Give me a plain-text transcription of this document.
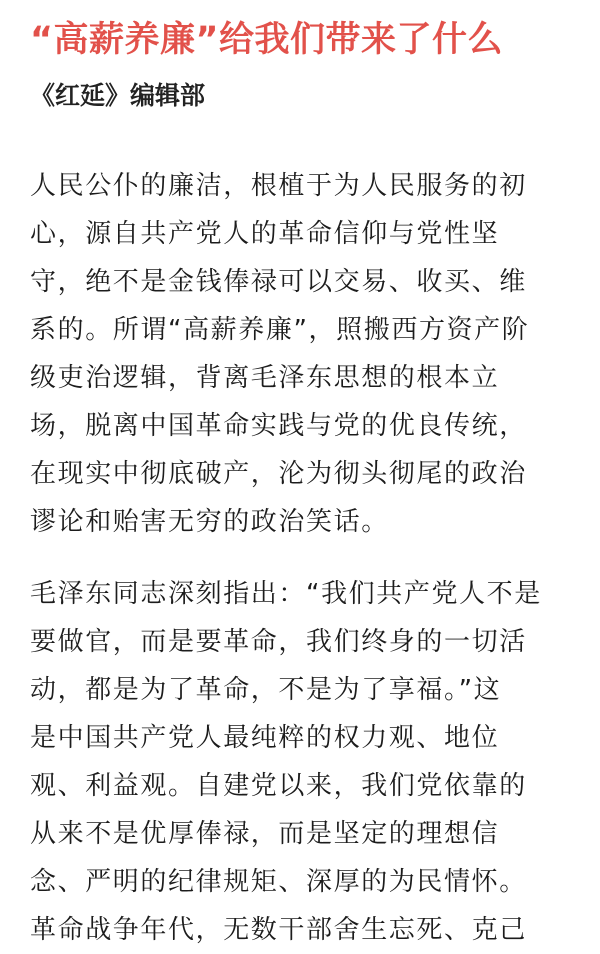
“高薪养廉”给我们带来了什么
《红延》编辑部
人民公仆的廉洁，根植于为人民服务的初
心，源自共产党人的革命信仰与党性坚
守，绝不是金钱俸禄可以交易、收买、维
系的。所谓“高薪养廉”，照搬西方资产阶
级吏治逻辑，背离毛泽东思想的根本立
场，脱离中国革命实践与党的优良传统，
在现实中彻底破产，沦为彻头彻尾的政治
谬论和贻害无穷的政治笑话。
毛泽东同志深刻指出：“我们共产党人不是
要做官，而是要革命，我们终身的一切活
动，都是为了革命，不是为了享福。”这
是中国共产党人最纯粹的权力观、地位
观、利益观。自建党以来，我们党依靠的
从来不是优厚俸禄，而是坚定的理想信
念、严明的纪律规矩、深厚的为民情怀。
革命战争年代，无数干部舍生忘死、克己
